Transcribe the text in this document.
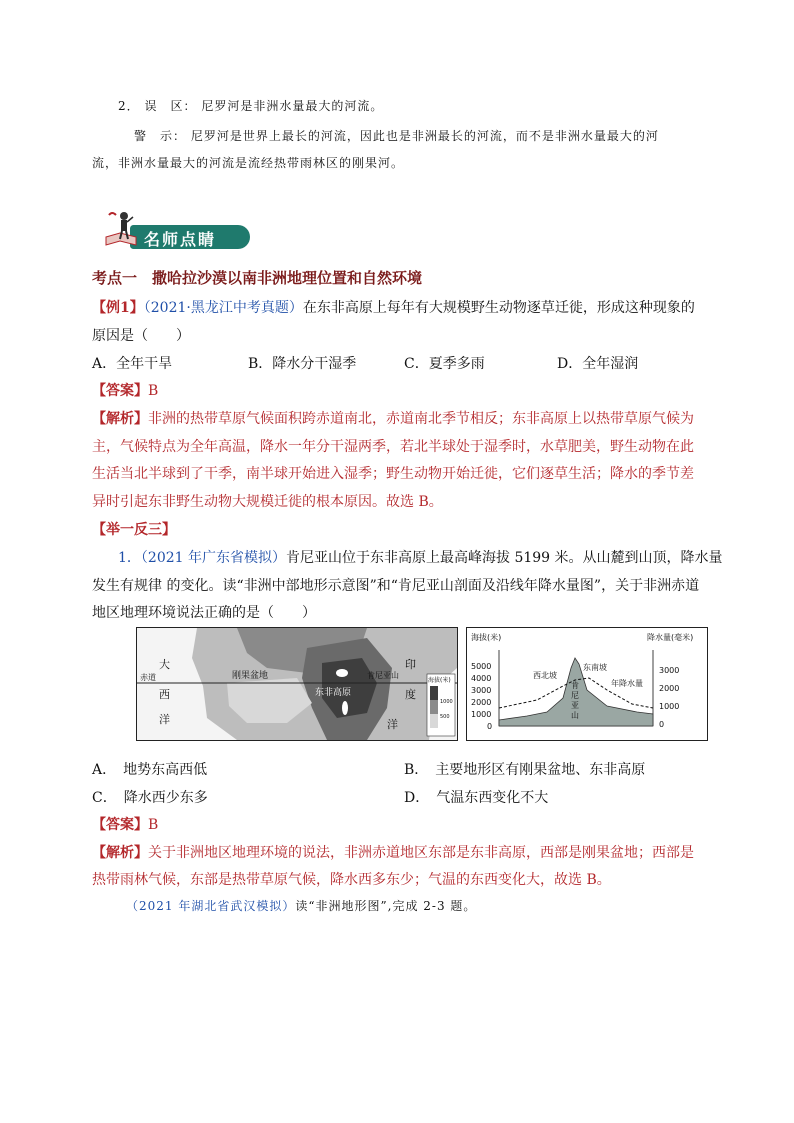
2． 误　区： 尼罗河是非洲水量最大的河流。
警　示： 尼罗河是世界上最长的河流，因此也是非洲最长的河流，而不是非洲水量最大的河
流，非洲水量最大的河流是流经热带雨林区的刚果河。
名师点睛
考点一　撒哈拉沙漠以南非洲地理位置和自然环境
【例1】（2021·黑龙江中考真题）在东非高原上每年有大规模野生动物逐草迁徙，形成这种现象的
原因是（　　）
A．全年干旱	B．降水分干湿季	C．夏季多雨	D．全年湿润
【答案】B
【解析】非洲的热带草原气候面积跨赤道南北，赤道南北季节相反；东非高原上以热带草原气候为
主，气候特点为全年高温，降水一年分干湿两季，若北半球处于湿季时，水草肥美，野生动物在此
生活当北半球到了干季，南半球开始进入湿季；野生动物开始迁徙，它们逐草生活；降水的季节差
异时引起东非野生动物大规模迁徙的根本原因。故选 B。
【举一反三】
1．（2021 年广东省模拟）肯尼亚山位于东非高原上最高峰海拔 5199 米。从山麓到山顶，降水量
发生有规律 的变化。读“非洲中部地形示意图”和“肯尼亚山剖面及沿线年降水量图”，关于非洲赤道
地区地理环境说法正确的是（　　）
大
西
洋
赤道	刚果盆地
东非高原
肯尼亚山
印
度
洋
海拔(米)
1000
500
海拔(米)	降水量(毫米)
5000
4000
3000
2000
1000
0
3000
2000
1000
0
西北坡
东南坡
年降水量
肯
尼
亚
山
A．　地势东高西低	B．　主要地形区有刚果盆地、东非高原
C．　降水西少东多	D．　气温东西变化不大
【答案】B
【解析】关于非洲地区地理环境的说法，非洲赤道地区东部是东非高原，西部是刚果盆地；西部是
热带雨林气候，东部是热带草原气候，降水西多东少；气温的东西变化大，故选 B。
（2021 年湖北省武汉模拟）读“非洲地形图”,完成 2-3 题。
